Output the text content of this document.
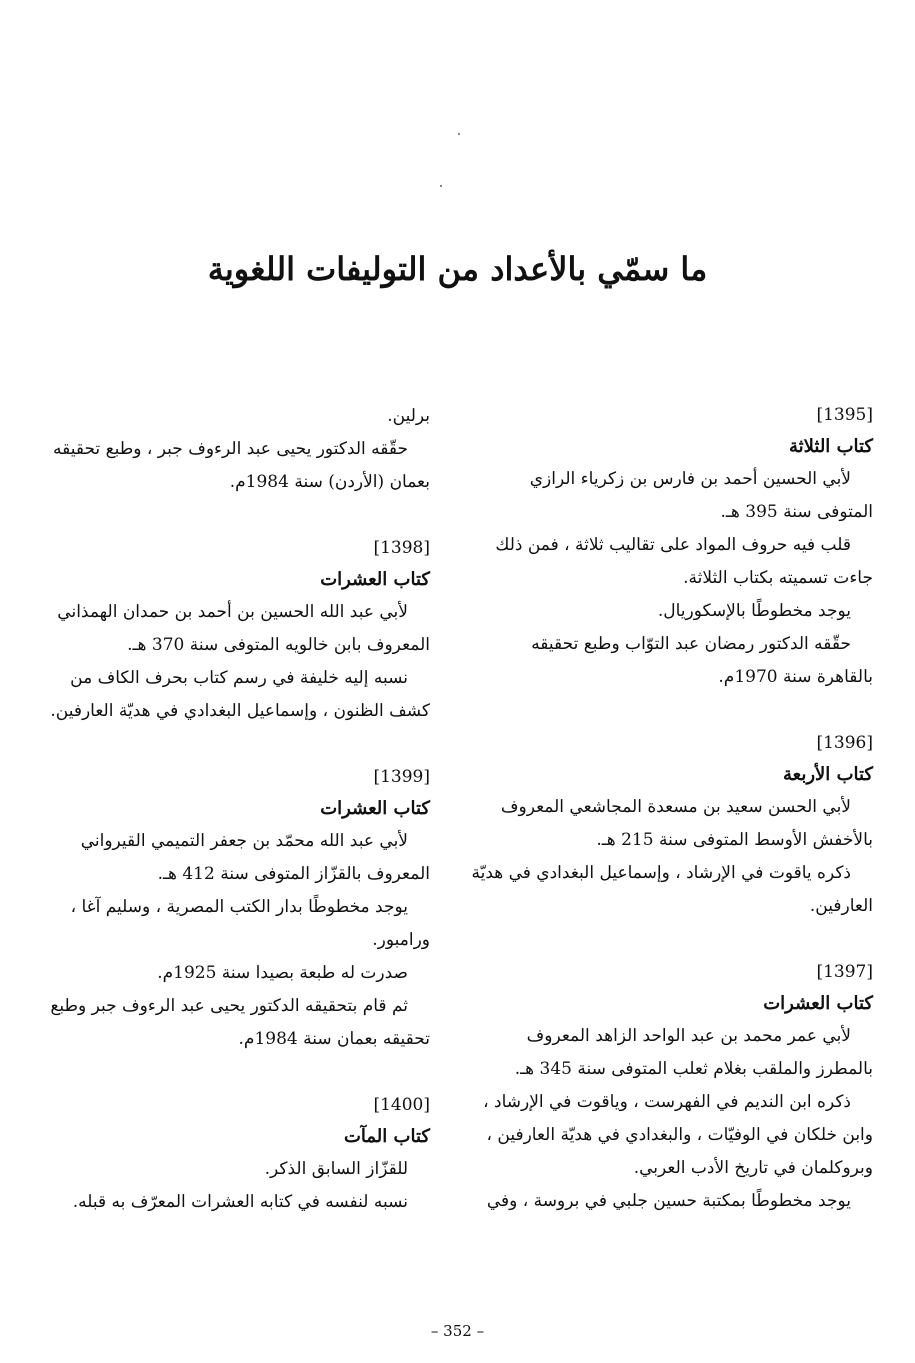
ما سمّي بالأعداد من التوليفات اللغوية
[1395]
كتاب الثلاثة

لأبي الحسين أحمد بن فارس بن زكرياء الرازي المتوفى سنة 395 هـ.

قلب فيه حروف المواد على تقاليب ثلاثة ، فمن ذلك جاءت تسميته بكتاب الثلاثة.

يوجد مخطوطًا بالإسكوريال.

حقّقه الدكتور رمضان عبد التوّاب وطبع تحقيقه بالقاهرة سنة 1970م.

[1396]
كتاب الأربعة

لأبي الحسن سعيد بن مسعدة المجاشعي المعروف بالأخفش الأوسط المتوفى سنة 215 هـ.

ذكره ياقوت في الإرشاد ، وإسماعيل البغدادي في هديّة العارفين.

[1397]
كتاب العشرات

لأبي عمر محمد بن عبد الواحد الزاهد المعروف بالمطرز والملقب بغلام ثعلب المتوفى سنة 345 هـ.

ذكره ابن النديم في الفهرست ، وياقوت في الإرشاد ، وابن خلكان في الوفيّات ، والبغدادي في هديّة العارفين ، وبروكلمان في تاريخ الأدب العربي.

يوجد مخطوطًا بمكتبة حسين جلبي في بروسة ، وفي

برلين.

حقّقه الدكتور يحيى عبد الرءوف جبر ، وطبع تحقيقه بعمان (الأردن) سنة 1984م.

[1398]
كتاب العشرات

لأبي عبد الله الحسين بن أحمد بن حمدان الهمذاني المعروف بابن خالويه المتوفى سنة 370 هـ.

نسبه إليه خليفة في رسم كتاب بحرف الكاف من كشف الظنون ، وإسماعيل البغدادي في هديّة العارفين.

[1399]
كتاب العشرات

لأبي عبد الله محمّد بن جعفر التميمي القيرواني المعروف بالقزّاز المتوفى سنة 412 هـ.

يوجد مخطوطًا بدار الكتب المصرية ، وسليم آغا ، ورامبور.

صدرت له طبعة بصيدا سنة 1925م.

ثم قام بتحقيقه الدكتور يحيى عبد الرءوف جبر وطبع تحقيقه بعمان سنة 1984م.

[1400]
كتاب المآت

للقزّاز السابق الذكر.

نسبه لنفسه في كتابه العشرات المعرّف به قبله.

– 352 –
